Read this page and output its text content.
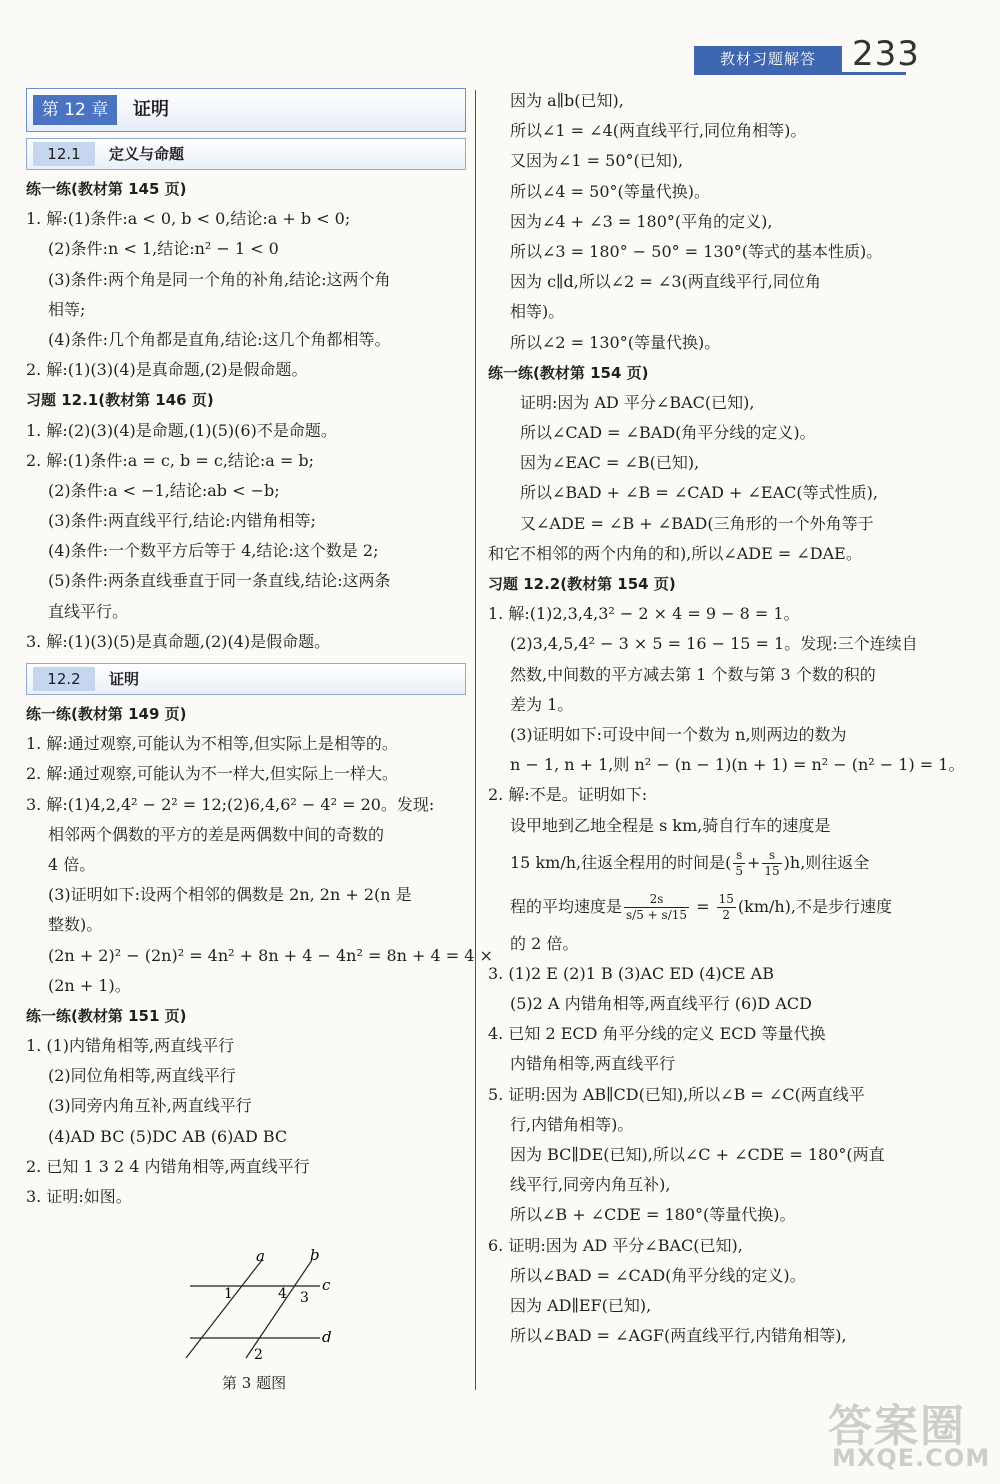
教材习题解答	233
第 12 章	证明
12.1	定义与命题
练一练(教材第 145 页)
1. 解:(1)条件:a < 0, b < 0,结论:a + b < 0;
(2)条件:n < 1,结论:n² − 1 < 0
(3)条件:两个角是同一个角的补角,结论:这两个角
相等;
(4)条件:几个角都是直角,结论:这几个角都相等。
2. 解:(1)(3)(4)是真命题,(2)是假命题。
习题 12.1(教材第 146 页)
1. 解:(2)(3)(4)是命题,(1)(5)(6)不是命题。
2. 解:(1)条件:a = c, b = c,结论:a = b;
(2)条件:a < −1,结论:ab < −b;
(3)条件:两直线平行,结论:内错角相等;
(4)条件:一个数平方后等于 4,结论:这个数是 2;
(5)条件:两条直线垂直于同一条直线,结论:这两条
直线平行。
3. 解:(1)(3)(5)是真命题,(2)(4)是假命题。
12.2	证明
练一练(教材第 149 页)
1. 解:通过观察,可能认为不相等,但实际上是相等的。
2. 解:通过观察,可能认为不一样大,但实际上一样大。
3. 解:(1)4,2,4² − 2² = 12;(2)6,4,6² − 4² = 20。发现:
相邻两个偶数的平方的差是两偶数中间的奇数的
4 倍。
(3)证明如下:设两个相邻的偶数是 2n, 2n + 2(n 是
整数)。
(2n + 2)² − (2n)² = 4n² + 8n + 4 − 4n² = 8n + 4 = 4 ×
(2n + 1)。
练一练(教材第 151 页)
1. (1)内错角相等,两直线平行
(2)同位角相等,两直线平行
(3)同旁内角互补,两直线平行
(4)AD BC (5)DC AB (6)AD BC
2. 已知 1 3 2 4 内错角相等,两直线平行
3. 证明:如图。
a	b
c
d
1	4 3
2
第 3 题图
因为 a∥b(已知),
所以∠1 = ∠4(两直线平行,同位角相等)。
又因为∠1 = 50°(已知),
所以∠4 = 50°(等量代换)。
因为∠4 + ∠3 = 180°(平角的定义),
所以∠3 = 180° − 50° = 130°(等式的基本性质)。
因为 c∥d,所以∠2 = ∠3(两直线平行,同位角
相等)。
所以∠2 = 130°(等量代换)。
练一练(教材第 154 页)
证明:因为 AD 平分∠BAC(已知),
所以∠CAD = ∠BAD(角平分线的定义)。
因为∠EAC = ∠B(已知),
所以∠BAD + ∠B = ∠CAD + ∠EAC(等式性质),
又∠ADE = ∠B + ∠BAD(三角形的一个外角等于
和它不相邻的两个内角的和),所以∠ADE = ∠DAE。
习题 12.2(教材第 154 页)
1. 解:(1)2,3,4,3² − 2 × 4 = 9 − 8 = 1。
(2)3,4,5,4² − 3 × 5 = 16 − 15 = 1。发现:三个连续自
然数,中间数的平方减去第 1 个数与第 3 个数的积的
差为 1。
(3)证明如下:可设中间一个数为 n,则两边的数为
n − 1, n + 1,则 n² − (n − 1)(n + 1) = n² − (n² − 1) = 1。
2. 解:不是。证明如下:
设甲地到乙地全程是 s km,骑自行车的速度是
15 km/h,往返全程用的时间是( $\frac{s}{5} + \frac{s}{15} )h$,则往返全
程的平均速度是 $\frac{2s}{s/5 + s/15} = \frac{15}{2} (km/h)$,不是步行速度
的 2 倍。
3. (1)2 E (2)1 B (3)AC ED (4)CE AB
(5)2 A 内错角相等,两直线平行 (6)D ACD
4. 已知 2 ECD 角平分线的定义 ECD 等量代换
内错角相等,两直线平行
5. 证明:因为 AB∥CD(已知),所以∠B = ∠C(两直线平
行,内错角相等)。
因为 BC∥DE(已知),所以∠C + ∠CDE = 180°(两直
线平行,同旁内角互补),
所以∠B + ∠CDE = 180°(等量代换)。
6. 证明:因为 AD 平分∠BAC(已知),
所以∠BAD = ∠CAD(角平分线的定义)。
因为 AD∥EF(已知),
所以∠BAD = ∠AGF(两直线平行,内错角相等),
答案圈
MXQE.COM
